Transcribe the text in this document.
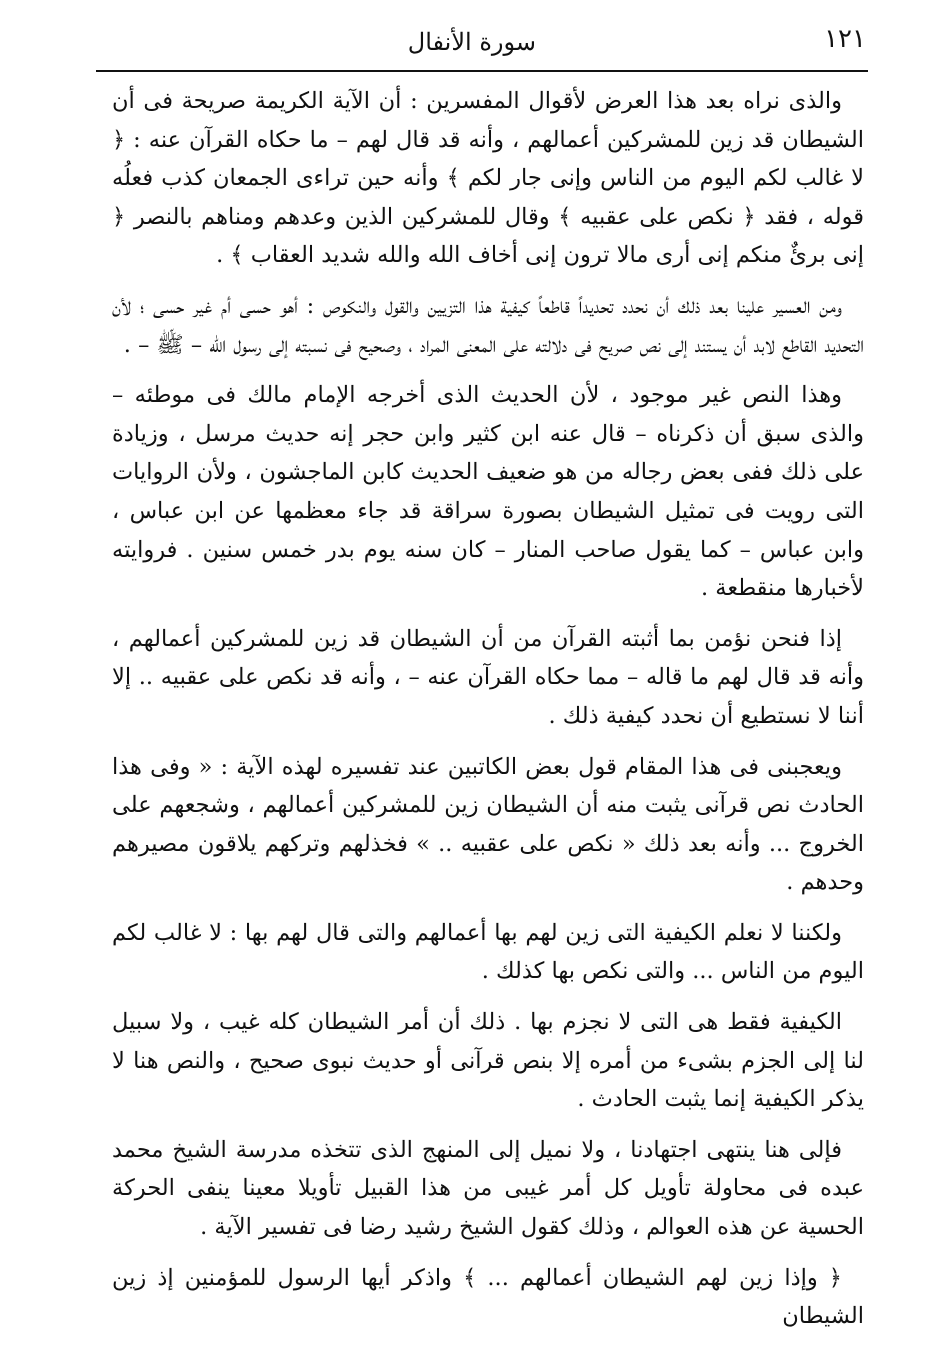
١٢١
سورة الأنفال

والذى نراه بعد هذا العرض لأقوال المفسرين : أن الآية الكريمة صريحة فى أن الشيطان قد زين للمشركين أعمالهم ، وأنه قد قال لهم – ما حكاه القرآن عنه : ﴿ لا غالب لكم اليوم من الناس وإنى جار لكم ﴾ وأنه حين تراءى الجمعان كذب فعلُه قوله ، فقد ﴿ نكص على عقبيه ﴾ وقال للمشركين الذين وعدهم ومناهم بالنصر ﴿ إنى برئٌ منكم إنى أرى مالا ترون إنى أخاف الله والله شديد العقاب ﴾ .

ومن العسير علينا بعد ذلك أن نحدد تحديداً قاطعاً كيفية هذا التزيين والقول والنكوص : أهو حسى أم غير حسى ؛ لأن التحديد القاطع لابد أن يستند إلى نص صريح فى دلالته على المعنى المراد ، وصحيح فى نسبته إلى رسول الله – ﷺ – .

وهذا النص غير موجود ، لأن الحديث الذى أخرجه الإمام مالك فى موطئه – والذى سبق أن ذكرناه – قال عنه ابن كثير وابن حجر إنه حديث مرسل ، وزيادة على ذلك ففى بعض رجاله من هو ضعيف الحديث كابن الماجشون ، ولأن الروايات التى رويت فى تمثيل الشيطان بصورة سراقة قد جاء معظمها عن ابن عباس ، وابن عباس – كما يقول صاحب المنار – كان سنه يوم بدر خمس سنين . فروايته لأخبارها منقطعة .

إذا فنحن نؤمن بما أثبته القرآن من أن الشيطان قد زين للمشركين أعمالهم ، وأنه قد قال لهم ما قاله – مما حكاه القرآن عنه – ، وأنه قد نكص على عقبيه .. إلا أننا لا نستطيع أن نحدد كيفية ذلك .

ويعجبنى فى هذا المقام قول بعض الكاتبين عند تفسيره لهذه الآية : « وفى هذا الحادث نص قرآنى يثبت منه أن الشيطان زين للمشركين أعمالهم ، وشجعهم على الخروج ... وأنه بعد ذلك « نكص على عقبيه .. » فخذلهم وتركهم يلاقون مصيرهم وحدهم .

ولكننا لا نعلم الكيفية التى زين لهم بها أعمالهم والتى قال لهم بها : لا غالب لكم اليوم من الناس ... والتى نكص بها كذلك .

الكيفية فقط هى التى لا نجزم بها . ذلك أن أمر الشيطان كله غيب ، ولا سبيل لنا إلى الجزم بشىء من أمره إلا بنص قرآنى أو حديث نبوى صحيح ، والنص هنا لا يذكر الكيفية إنما يثبت الحادث .

فإلى هنا ينتهى اجتهادنا ، ولا نميل إلى المنهج الذى تتخذه مدرسة الشيخ محمد عبده فى محاولة تأويل كل أمر غيبى من هذا القبيل تأويلا معينا ينفى الحركة الحسية عن هذه العوالم ، وذلك كقول الشيخ رشيد رضا فى تفسير الآية .

﴿ وإذا زين لهم الشيطان أعمالهم ... ﴾ واذكر أيها الرسول للمؤمنين إذ زين الشيطان
